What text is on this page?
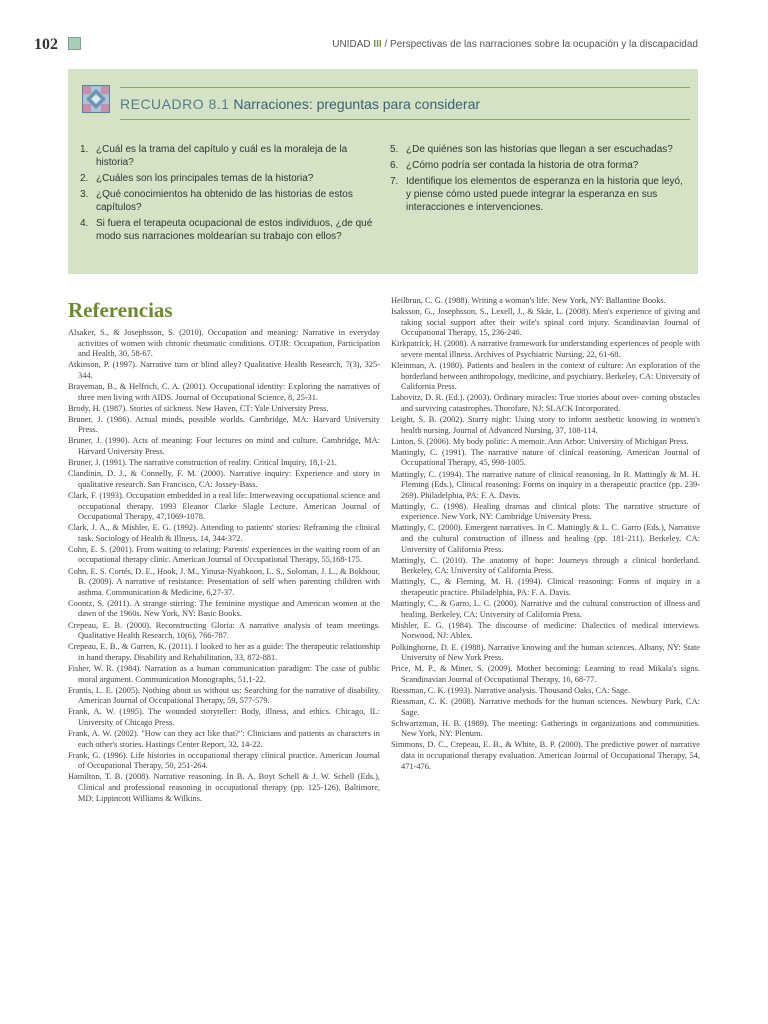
102	UNIDAD III / Perspectivas de las narraciones sobre la ocupación y la discapacidad
RECUADRO 8.1 Narraciones: preguntas para considerar
1. ¿Cuál es la trama del capítulo y cuál es la moraleja de la historia?
2. ¿Cuáles son los principales temas de la historia?
3. ¿Qué conocimientos ha obtenido de las historias de estos capítulos?
4. Si fuera el terapeuta ocupacional de estos individuos, ¿de qué modo sus narraciones moldearían su trabajo con ellos?
5. ¿De quiénes son las historias que llegan a ser escuchadas?
6. ¿Cómo podría ser contada la historia de otra forma?
7. Identifique los elementos de esperanza en la historia que leyó, y piense cómo usted puede integrar la esperanza en sus interacciones e intervenciones.
Referencias

Alsaker, S., & Josephsson, S. (2010). Occupation and meaning: Narrative in everyday activities of women with chronic rheumatic conditions. OTJR: Occupation, Participation and Health, 30, 58-67.

Atkinson, P. (1997). Narrative turn or blind alley? Qualitative Health Research, 7(3), 325-344.

Braveman, B., & Helfrich, C. A. (2001). Occupational identity: Exploring the narratives of three men living with AIDS. Journal of Occupational Science, 8, 25-31.

Brody, H. (1987). Stories of sickness. New Haven, CT: Yale University Press.

Bruner, J. (1986). Actual minds, possible worlds. Cambridge, MA: Harvard University Press.

Bruner, J. (1990). Acts of meaning: Four lectures on mind and culture. Cambridge, MA: Harvard University Press.

Bruner, J. (1991). The narrative construction of reality. Critical Inquiry, 18,1-21.

Clandinin, D. J., & Connelly, F. M. (2000). Narrative inquiry: Experience and story in qualitative research. San Francisco, CA: Jossey-Bass.

Clark, F. (1993). Occupation embedded in a real life: Interweaving occupational science and occupational therapy. 1993 Eleanor Clarke Slagle Lecture. American Journal of Occupational Therapy, 47,1069-1078.

Clark, J. A., & Mishler, E. G. (1992). Attending to patients' stories: Reframing the clinical task. Sociology of Health & Illness, 14, 344-372.

Cohn, E. S. (2001). From waiting to relating: Parents' experiences in the waiting room of an occupational therapy clinic. American Journal of Occupational Therapy, 55,168-175.

Cohn, E. S. Cortés, D. E., Hook, J. M., Yinusa-Nyahkoon, L. S., Soloman, J. L., & Bokhour, B. (2009). A narrative of resistance: Presentation of self when parenting children with asthma. Communication & Medicine, 6,27-37.

Coontz, S. (2011). A strange stirring: The feminine mystique and American women at the dawn of the 1960s. New York, NY: Basic Books.

Crepeau, E. B. (2000). Reconstructing Gloria: A narrative analysis of team meetings. Qualitative Health Research, 10(6), 766-787.

Crepeau, E. B., & Garren, K. (2011). I looked to her as a guide: The therapeutic relationship in hand therapy. Disability and Rehabilitation, 33, 872-881.

Fisher, W. R. (1984). Narration as a human communication paradigm: The case of public moral argument. Communication Monographs, 51,1-22.

Frantis, L. E. (2005). Nothing about us without us: Searching for the narrative of disability. American Journal of Occupational Therapy, 59, 577-579.

Frank, A. W. (1995). The wounded storyteller: Body, illness, and ethics. Chicago, IL: University of Chicago Press.

Frank, A. W. (2002). "How can they act like that?": Clinicians and patients as characters in each other's stories. Hastings Center Report, 32, 14-22.

Frank, G. (1996). Life histories in occupational therapy clinical practice. American Journal of Occupational Therapy, 50, 251-264.

Hamilton, T. B. (2008). Narrative reasoning. In B. A. Boyt Schell & J. W. Schell (Eds.), Clinical and professional reasoning in occupational therapy (pp. 125-126). Baltimore, MD: Lippincott Williams & Wilkins.

Heilbrun, C. G. (1988). Writing a woman's life. New York, NY: Ballantine Books.

Isaksson, G., Josephsson, S., Lexell, J., & Skär, L. (2008). Men's experience of giving and taking social support after their wife's spinal cord injury. Scandinavian Journal of Occupational Therapy, 15, 236-246.

Kirkpatrick, H. (2008). A narrative framework for understanding experiences of people with severe mental illness. Archives of Psychiatric Nursing, 22, 61-68.

Kleinman, A. (1980). Patients and healers in the context of culture: An exploration of the borderland between anthropology, medicine, and psychiatry. Berkeley, CA: University of California Press.

Labovitz, D. R. (Ed.). (2003). Ordinary miracles: True stories about over- coming obstacles and surviving catastrophes. Thorofare, NJ: SLACK Incorporated.

Leight, S. B. (2002). Starry night: Using story to inform aesthetic knowing in women's health nursing. Journal of Advanced Nursing, 37, 108-114.

Linton, S. (2006). My body politic: A memoir. Ann Arbor: University of Michigan Press.

Mattingly, C. (1991). The narrative nature of clinical reasoning. American Journal of Occupational Therapy, 45, 998-1005.

Mattingly, C. (1994). The narrative nature of clinical reasoning. In R. Mattingly & M. H. Fleming (Eds.), Clinical reasoning: Forms on inquiry in a therapeutic practice (pp. 239-269). Philadelphia, PA: F. A. Davis.

Mattingly, C. (1998). Healing dramas and clinical plots: The narrative structure of experience. New York, NY: Cambridge University Press.

Mattingly, C. (2000). Emergent narratives. In C. Mattingly & L. C. Garro (Eds.), Narrative and the cultural construction of illness and healing (pp. 181-211). Berkeley, CA: University of California Press.

Mattingly, C. (2010). The anatomy of hope: Journeys through a clinical borderland. Berkeley, CA: University of California Press.

Mattingly, C., & Fleming, M. H. (1994). Clinical reasoning: Forms of inquiry in a therapeutic practice. Philadelphia, PA: F. A. Davis.

Mattingly, C., & Garro, L. C. (2000). Narrative and the cultural construction of illness and healing. Berkeley, CA: University of California Press.

Mishler, E. G. (1984). The discourse of medicine: Dialectics of medical interviews. Norwood, NJ: Ablex.

Polkinghorne, D. E. (1988). Narrative knowing and the human sciences. Albany, NY: State University of New York Press.

Price, M. P., & Miner, S. (2009). Mother becoming: Learning to read Mikala's signs. Scandinavian Journal of Occupational Therapy, 16, 68-77.

Riessman, C. K. (1993). Narrative analysis. Thousand Oaks, CA: Sage.

Riessman, C. K. (2008). Narrative methods for the human sciences. Newbury Park, CA: Sage.

Schwartzman, H. B. (1989). The meeting: Gatherings in organizations and communities. New York, NY: Plenum.

Simmons, D. C., Crepeau, E. B., & White, B. P. (2000). The predictive power of narrative data in occupational therapy evaluation. American Journal of Occupational Therapy, 54, 471-476.
